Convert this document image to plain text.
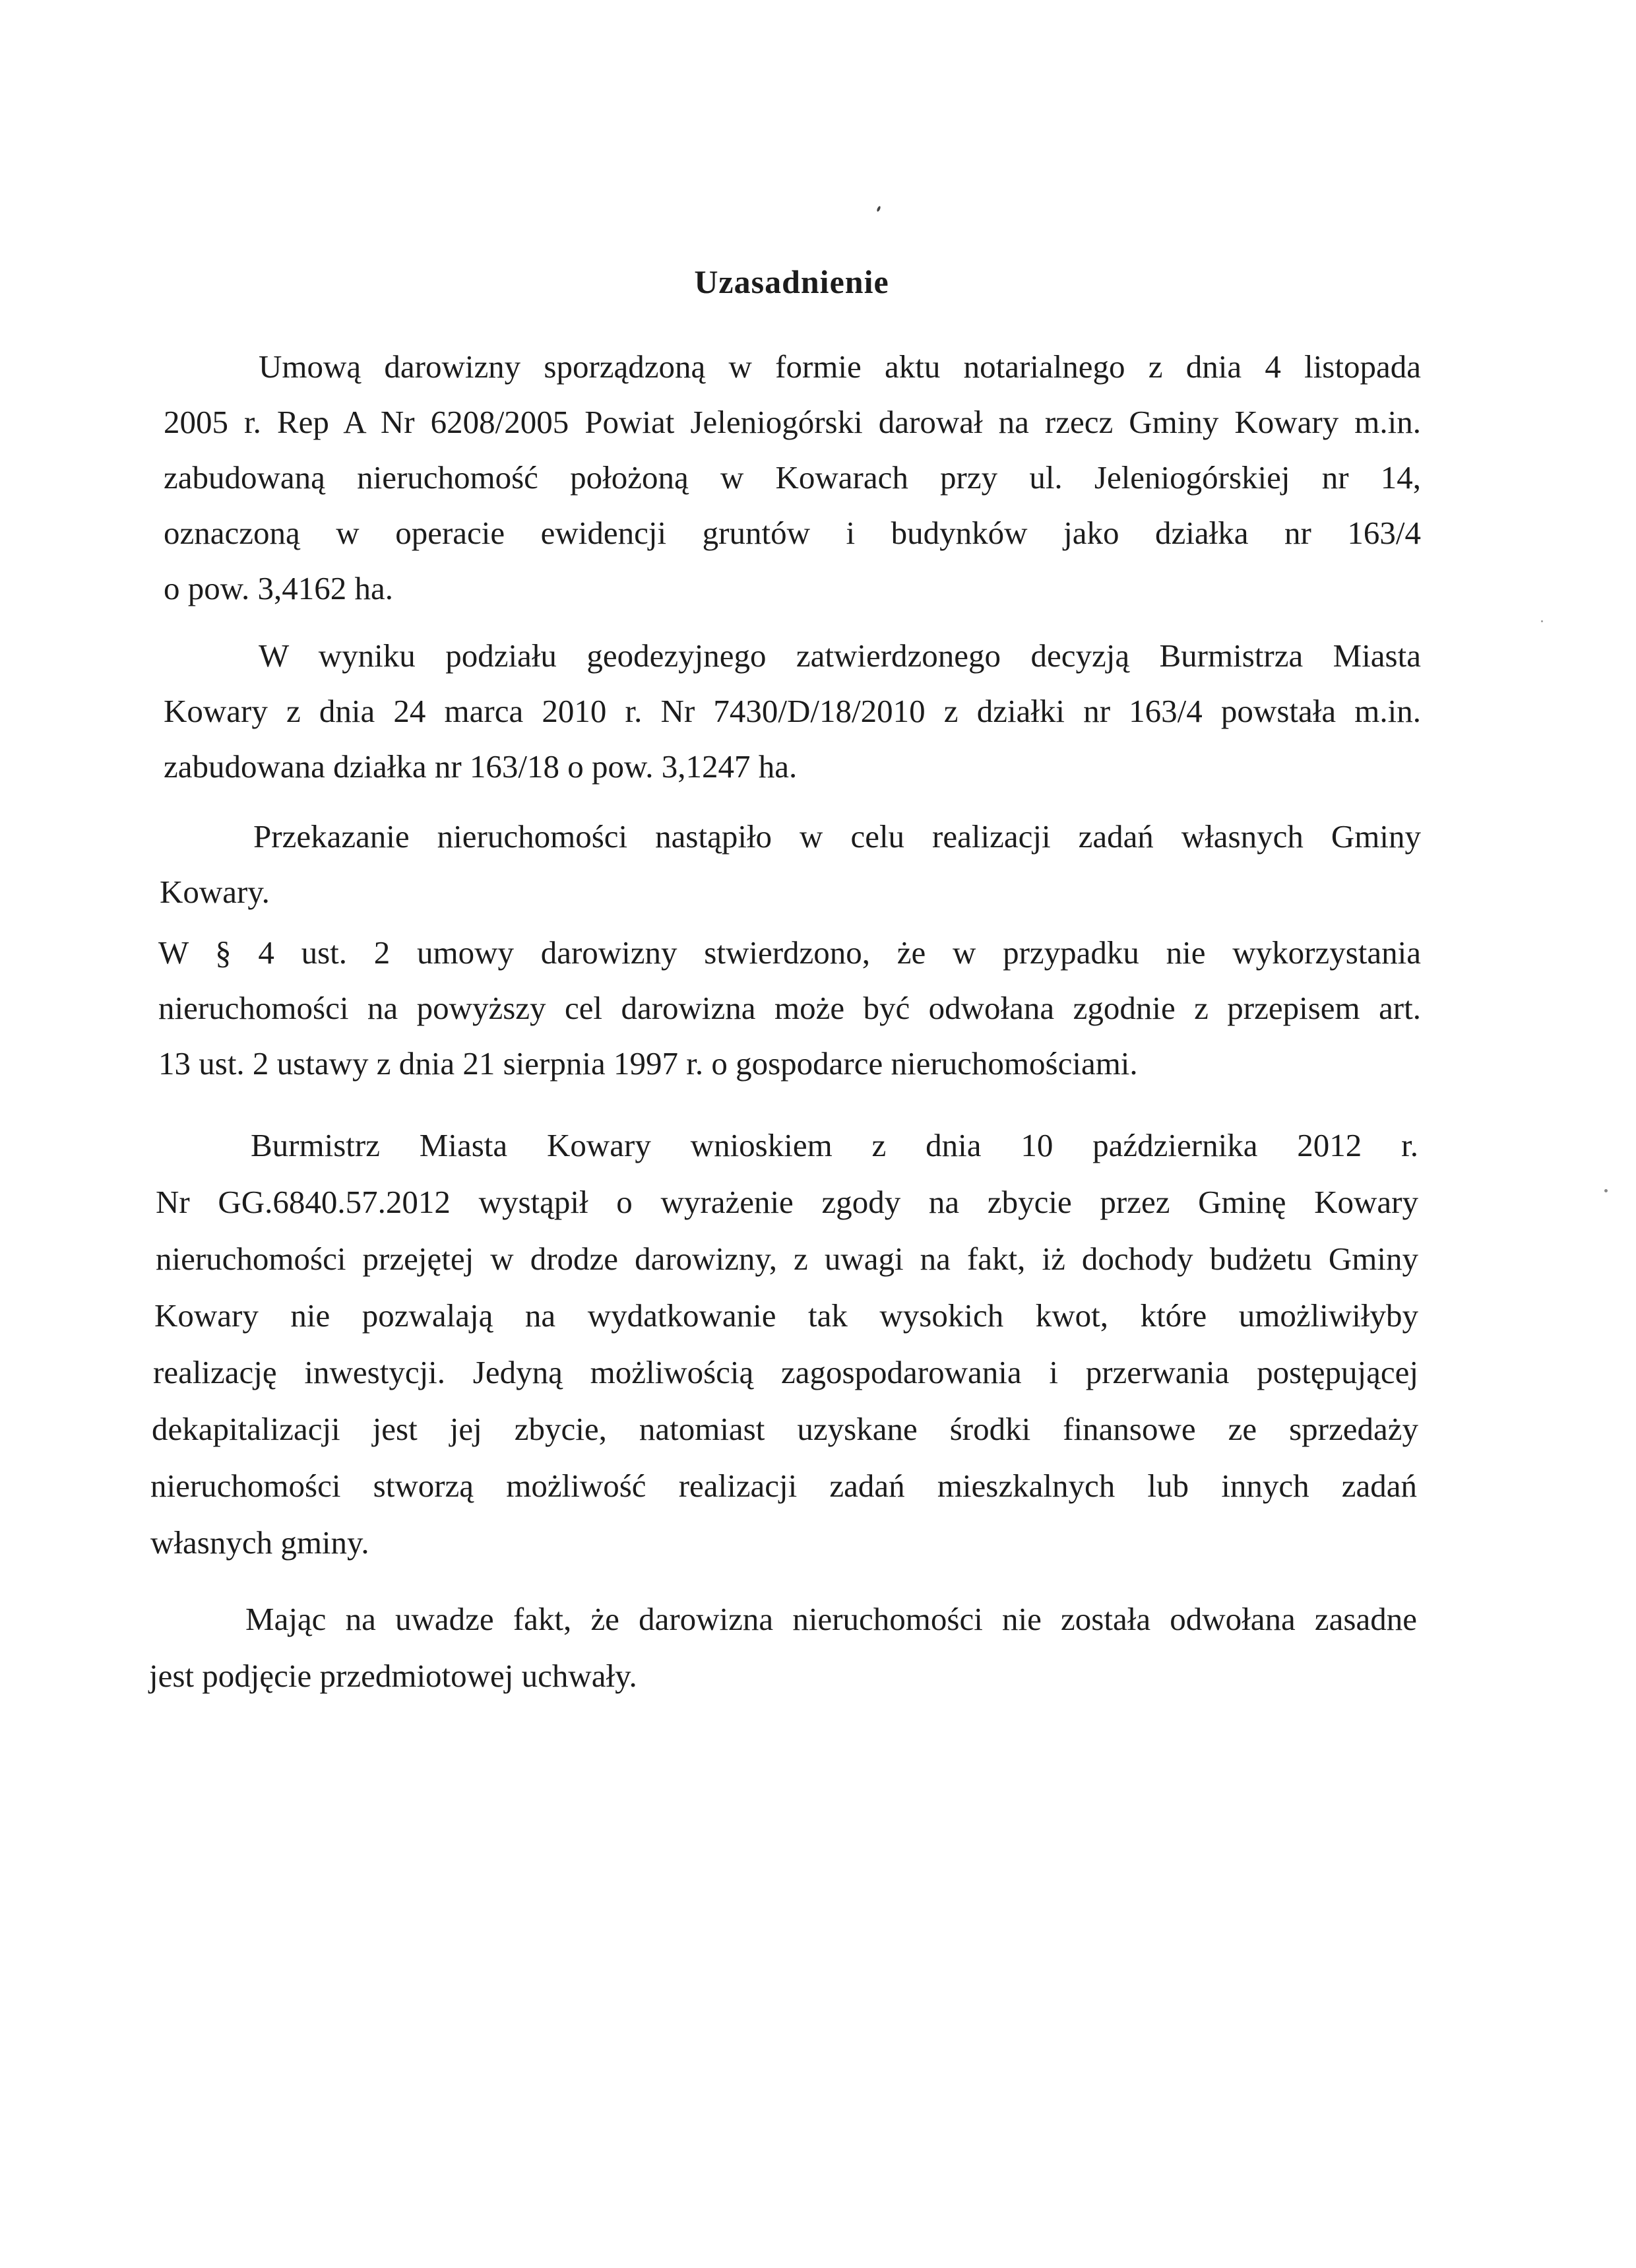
Uzasadnienie
Umową darowizny sporządzoną w formie aktu notarialnego z dnia 4 listopada
2005 r. Rep A Nr 6208/2005 Powiat Jeleniogórski darował na rzecz Gminy Kowary m.in.
zabudowaną nieruchomość położoną w Kowarach przy ul. Jeleniogórskiej nr 14,
oznaczoną w operacie ewidencji gruntów i budynków jako działka nr 163/4
o pow. 3,4162 ha.
W wyniku podziału geodezyjnego zatwierdzonego decyzją Burmistrza Miasta
Kowary z dnia 24 marca 2010 r. Nr 7430/D/18/2010 z działki nr 163/4 powstała m.in.
zabudowana działka nr 163/18 o pow. 3,1247 ha.
Przekazanie nieruchomości nastąpiło w celu realizacji zadań własnych Gminy
Kowary.
W § 4 ust. 2 umowy darowizny stwierdzono, że w przypadku nie wykorzystania
nieruchomości na powyższy cel darowizna może być odwołana zgodnie z przepisem art.
13 ust. 2 ustawy z dnia 21 sierpnia 1997 r. o gospodarce nieruchomościami.
Burmistrz Miasta Kowary wnioskiem z dnia 10 października 2012 r.
Nr GG.6840.57.2012 wystąpił o wyrażenie zgody na zbycie przez Gminę Kowary
nieruchomości przejętej w drodze darowizny, z uwagi na fakt, iż dochody budżetu Gminy
Kowary nie pozwalają na wydatkowanie tak wysokich kwot, które umożliwiłyby
realizację inwestycji. Jedyną możliwością zagospodarowania i przerwania postępującej
dekapitalizacji jest jej zbycie, natomiast uzyskane środki finansowe ze sprzedaży
nieruchomości stworzą możliwość realizacji zadań mieszkalnych lub innych zadań
własnych gminy.
Mając na uwadze fakt, że darowizna nieruchomości nie została odwołana zasadne
jest podjęcie przedmiotowej uchwały.
